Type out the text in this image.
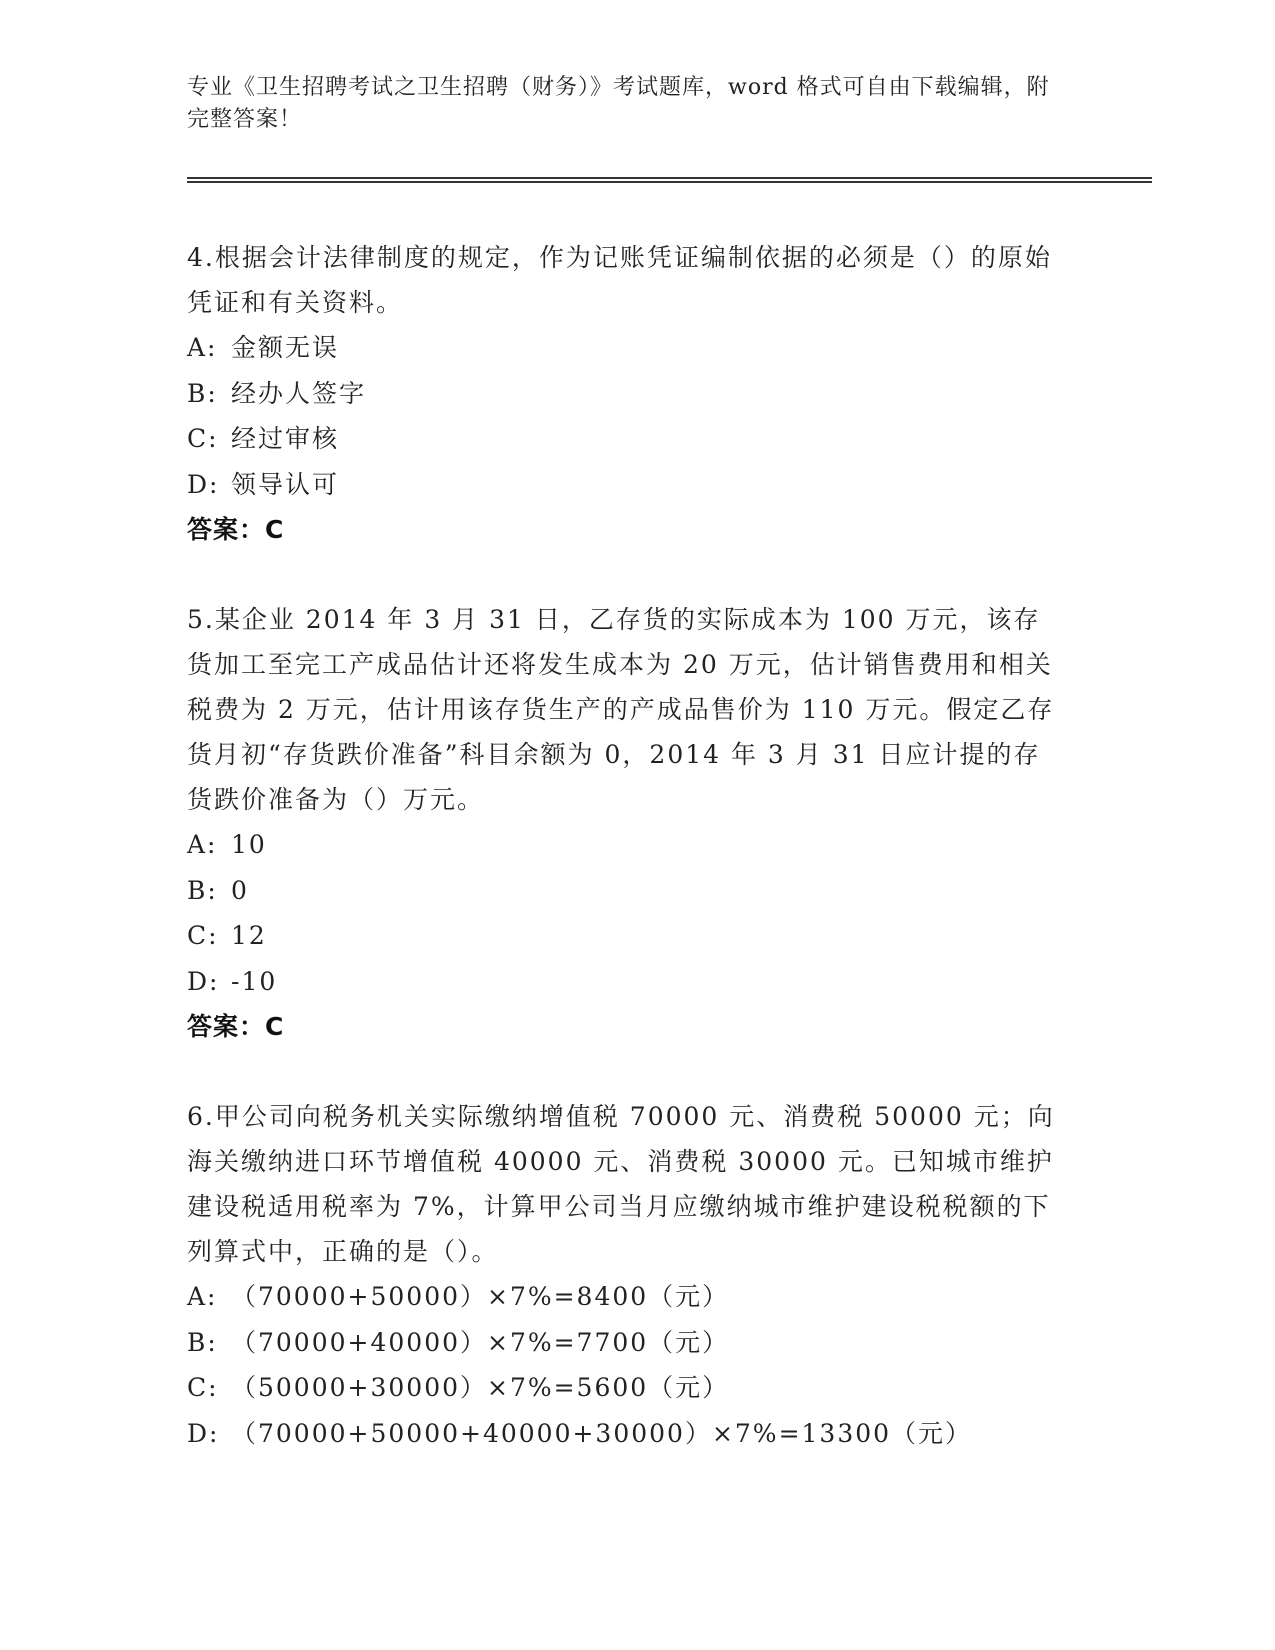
专业《卫生招聘考试之卫生招聘（财务）》考试题库，word 格式可自由下载编辑，附完整答案！

4.根据会计法律制度的规定，作为记账凭证编制依据的必须是（）的原始凭证和有关资料。

A: 金额无误

B: 经办人签字

C: 经过审核

D: 领导认可

答案：C

5.某企业 2014 年 3 月 31 日，乙存货的实际成本为 100 万元，该存货加工至完工产成品估计还将发生成本为 20 万元，估计销售费用和相关税费为 2 万元，估计用该存货生产的产成品售价为 110 万元。假定乙存货月初“存货跌价准备”科目余额为 0，2014 年 3 月 31 日应计提的存货跌价准备为（）万元。

A: 10

B: 0

C: 12

D: -10

答案：C

6.甲公司向税务机关实际缴纳增值税 70000 元、消费税 50000 元；向海关缴纳进口环节增值税 40000 元、消费税 30000 元。已知城市维护建设税适用税率为 7%，计算甲公司当月应缴纳城市维护建设税税额的下列算式中，正确的是（）。

A: （70000+50000）×7%=8400（元）

B: （70000+40000）×7%=7700（元）

C: （50000+30000）×7%=5600（元）

D: （70000+50000+40000+30000）×7%=13300（元）
